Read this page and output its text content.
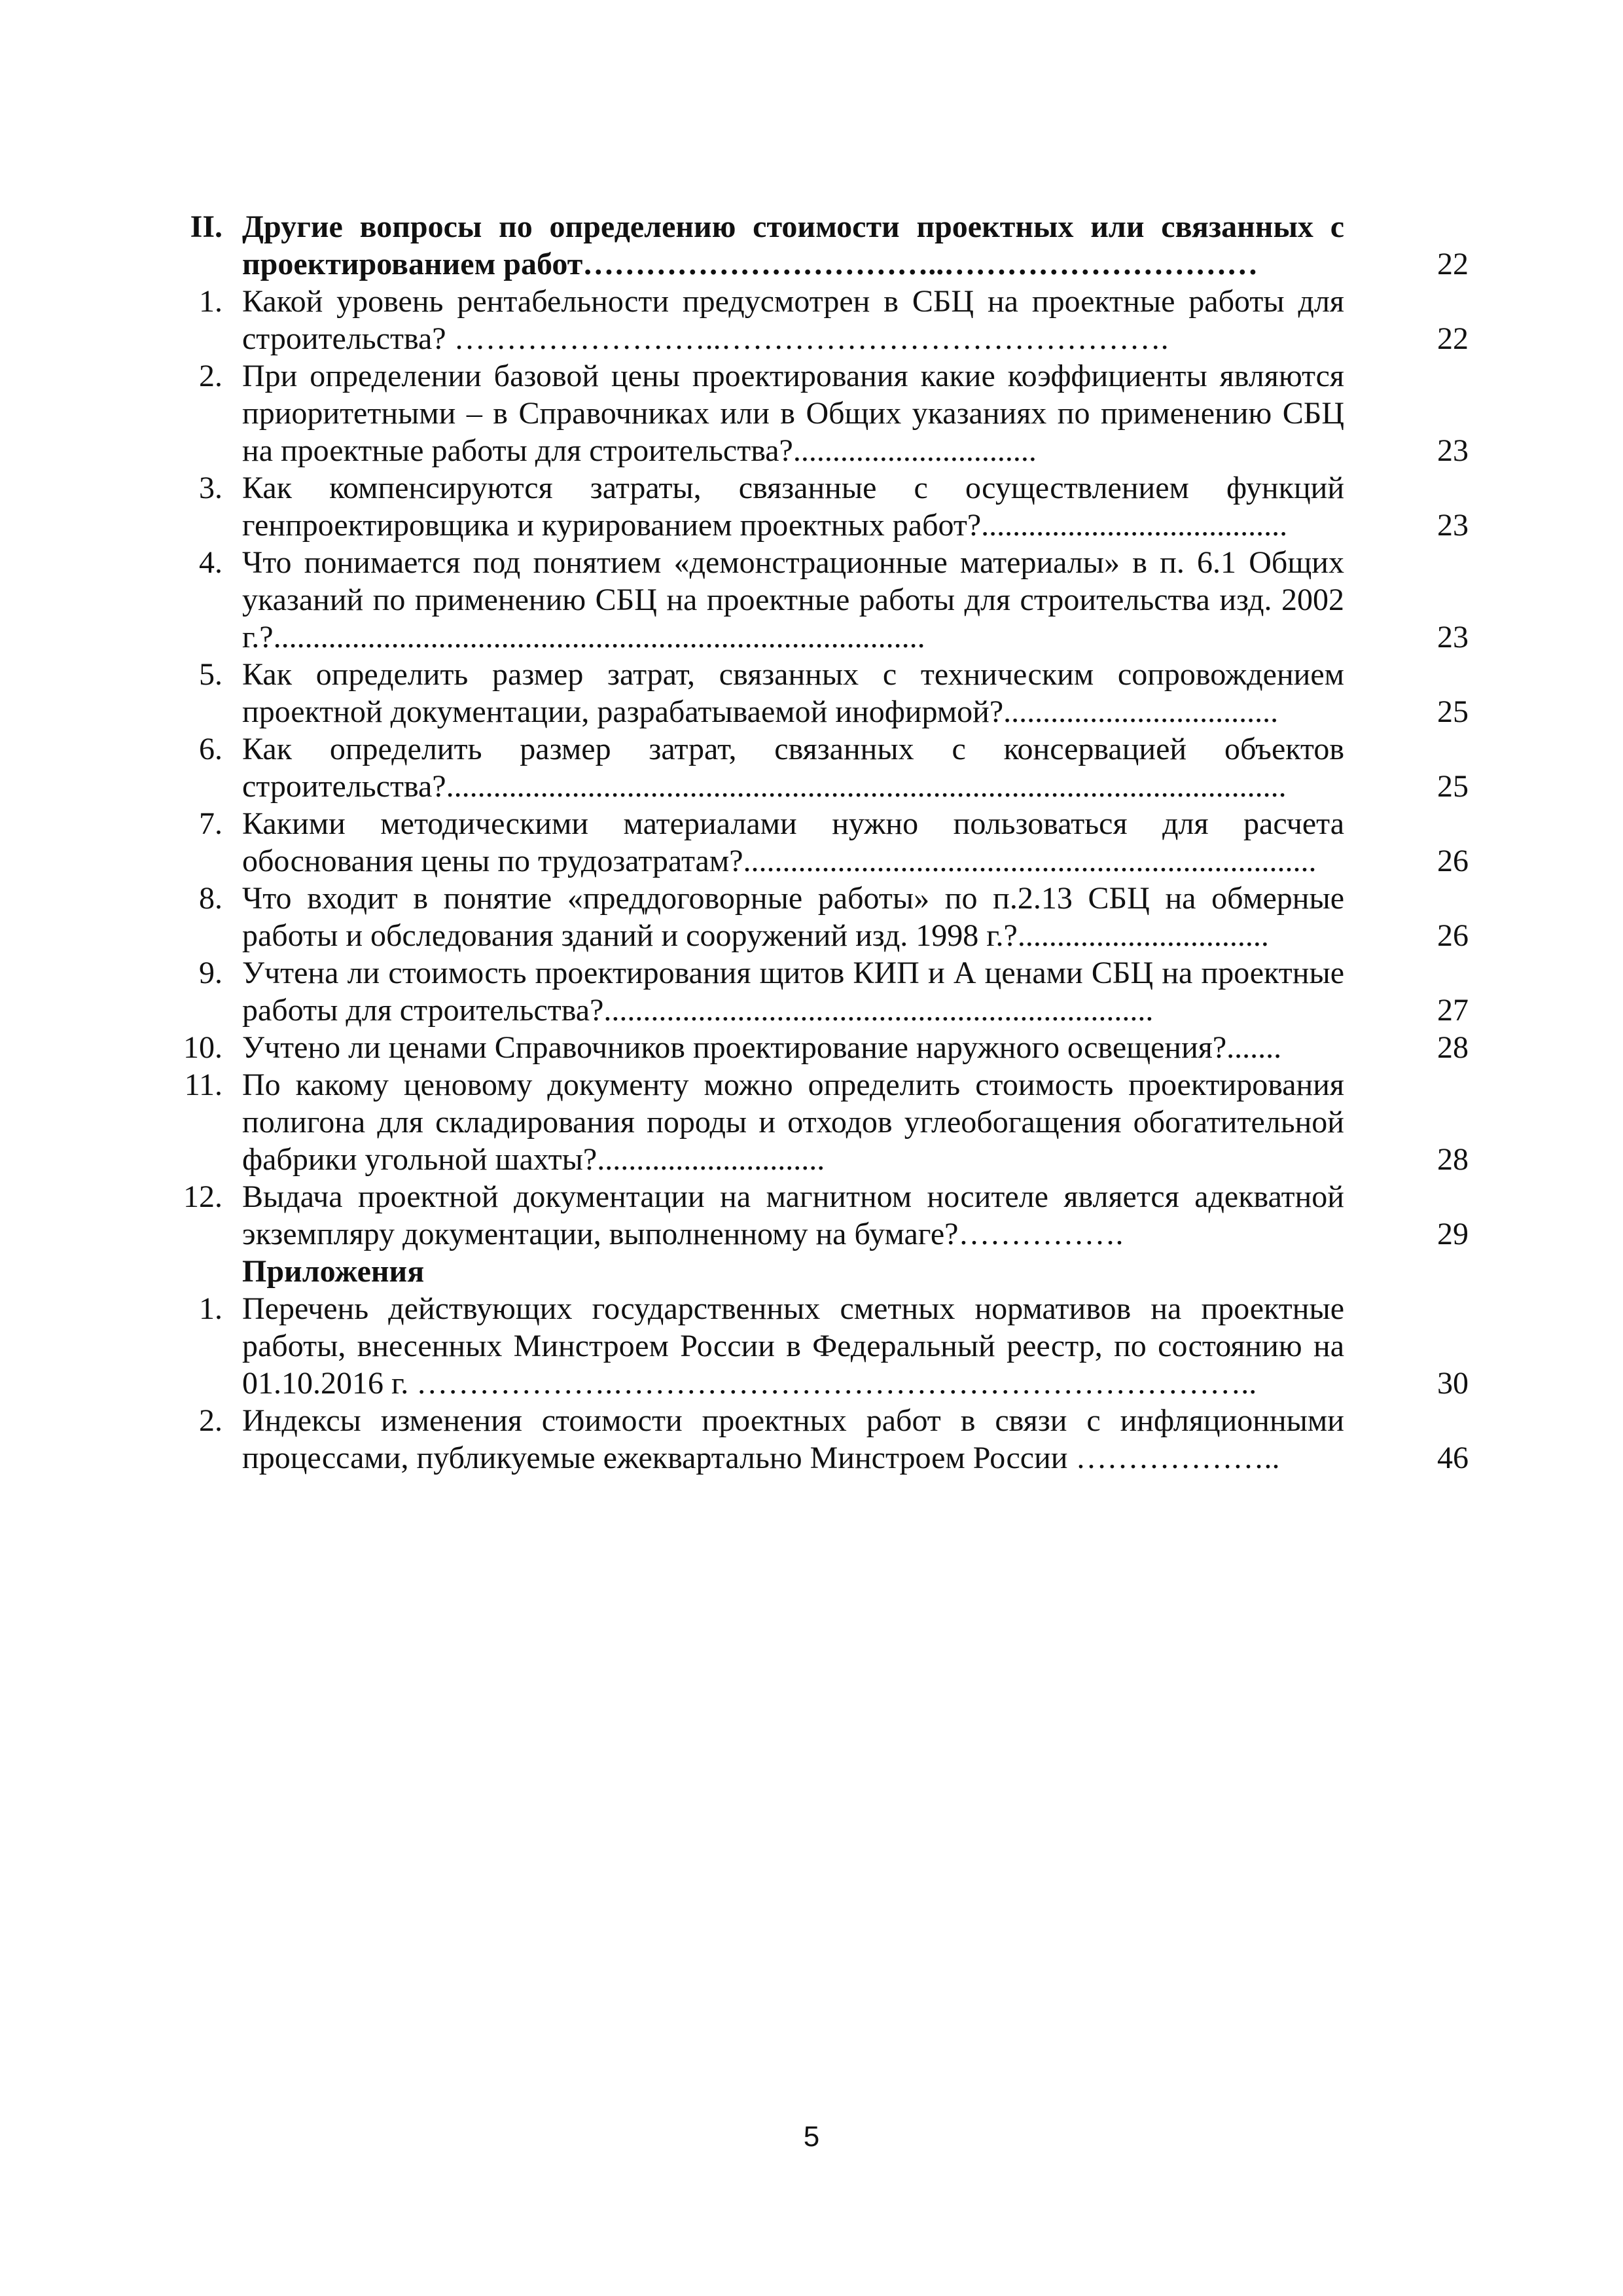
II. Другие вопросы по определению стоимости проектных или связанных с проектированием работ……………………………..…………………………	22
1. Какой уровень рентабельности предусмотрен в СБЦ на проектные работы для строительства? ……………………..…………………………………….	22
2. При определении базовой цены проектирования какие коэффициенты являются приоритетными – в Справочниках или в Общих указаниях по применению СБЦ на проектные работы для строительства?...............................	23
3. Как компенсируются затраты, связанные с осуществлением функций генпроектировщика и курированием проектных работ?.......................................	23
4. Что понимается под понятием «демонстрационные материалы» в п. 6.1 Общих указаний по применению СБЦ на проектные работы для строительства изд. 2002 г.?...................................................................................	23
5. Как определить размер затрат, связанных с техническим сопровождением проектной документации, разрабатываемой инофирмой?...................................	25
6. Как определить размер затрат, связанных с консервацией объектов строительства?...........................................................................................................	25
7. Какими методическими материалами нужно пользоваться для расчета обоснования цены по трудозатратам?.........................................................................	26
8. Что входит в понятие «преддоговорные работы» по п.2.13 СБЦ на обмерные работы и обследования зданий и сооружений изд. 1998 г.?................................	26
9. Учтена ли стоимость проектирования щитов КИП и А ценами СБЦ на проектные работы для строительства?......................................................................	27
10. Учтено ли ценами Справочников проектирование наружного освещения?.......	28
11. По какому ценовому документу можно определить стоимость проектирования полигона для складирования породы и отходов углеобогащения обогатительной фабрики угольной шахты?.............................	28
12. Выдача проектной документации на магнитном носителе является адекватной экземпляру документации, выполненному на бумаге?…………….	29
Приложения
1. Перечень действующих государственных сметных нормативов на проектные работы, внесенных Минстроем России в Федеральный реестр, по состоянию на 01.10.2016 г. ……………….……………………………………………………..	30
2. Индексы изменения стоимости проектных работ в связи с инфляционными процессами, публикуемые ежеквартально Минстроем России ………………..	46
5
